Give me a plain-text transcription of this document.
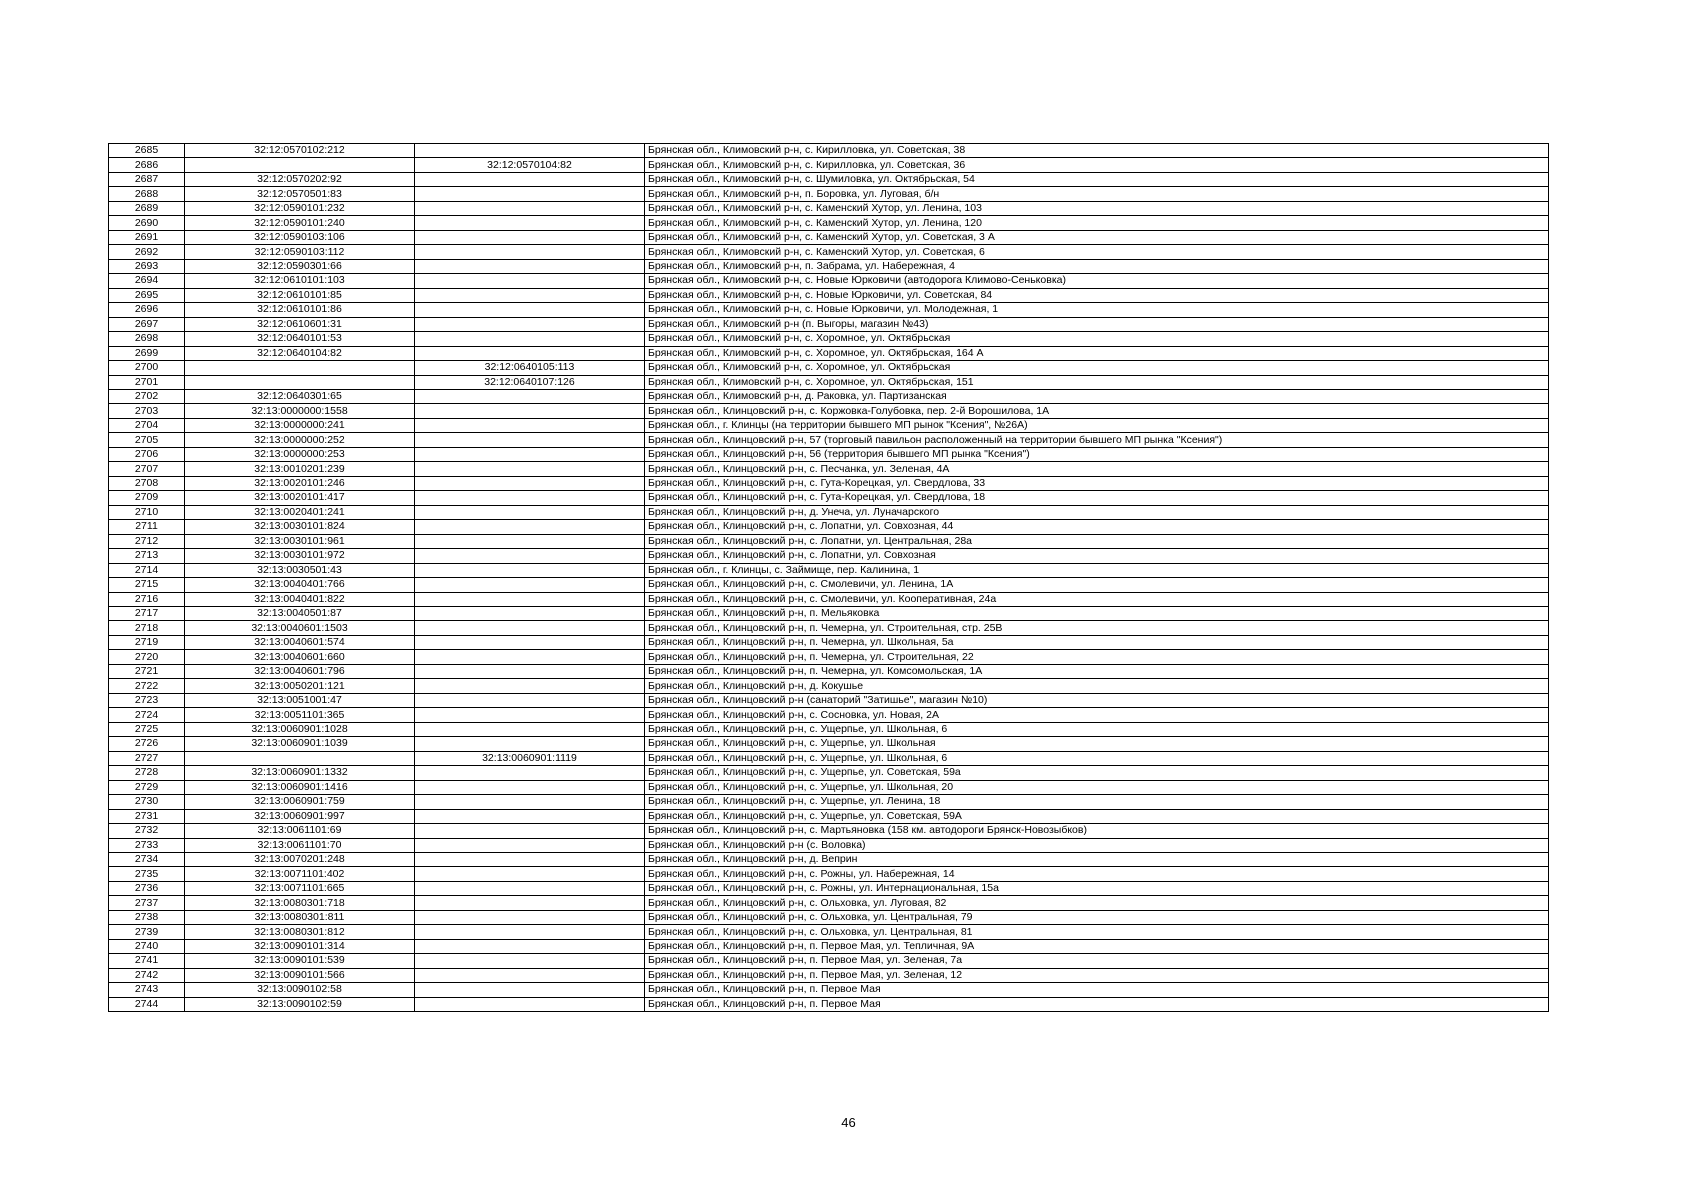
2685	32:12:0570102:212		Брянская обл., Климовский р-н, с. Кирилловка, ул. Советская, 38
2686		32:12:0570104:82	Брянская обл., Климовский р-н, с. Кирилловка, ул. Советская, 36
2687	32:12:0570202:92		Брянская обл., Климовский р-н, с. Шумиловка, ул. Октябрьская, 54
2688	32:12:0570501:83		Брянская обл., Климовский р-н, п. Боровка, ул. Луговая, б/н
2689	32:12:0590101:232		Брянская обл., Климовский р-н, с. Каменский Хутор, ул. Ленина, 103
2690	32:12:0590101:240		Брянская обл., Климовский р-н, с. Каменский Хутор, ул. Ленина, 120
2691	32:12:0590103:106		Брянская обл., Климовский р-н, с. Каменский Хутор, ул. Советская, 3 А
2692	32:12:0590103:112		Брянская обл., Климовский р-н, с. Каменский Хутор, ул. Советская, 6
2693	32:12:0590301:66		Брянская обл., Климовский р-н, п. Забрама, ул. Набережная, 4
2694	32:12:0610101:103		Брянская обл., Климовский р-н, с. Новые Юрковичи (автодорога Климово-Сеньковка)
2695	32:12:0610101:85		Брянская обл., Климовский р-н, с. Новые Юрковичи, ул. Советская, 84
2696	32:12:0610101:86		Брянская обл., Климовский р-н, с. Новые Юрковичи, ул. Молодежная, 1
2697	32:12:0610601:31		Брянская обл., Климовский р-н (п. Выгоры, магазин №43)
2698	32:12:0640101:53		Брянская обл., Климовский р-н, с. Хоромное, ул. Октябрьская
2699	32:12:0640104:82		Брянская обл., Климовский р-н, с. Хоромное, ул. Октябрьская, 164 А
2700		32:12:0640105:113	Брянская обл., Климовский р-н, с. Хоромное, ул. Октябрьская
2701		32:12:0640107:126	Брянская обл., Климовский р-н, с. Хоромное, ул. Октябрьская, 151
2702	32:12:0640301:65		Брянская обл., Климовский р-н, д. Раковка, ул. Партизанская
2703	32:13:0000000:1558		Брянская обл., Клинцовский р-н, с. Коржовка-Голубовка, пер. 2-й Ворошилова, 1А
2704	32:13:0000000:241		Брянская обл., г. Клинцы (на территории бывшего МП рынок "Ксения", №26А)
2705	32:13:0000000:252		Брянская обл., Клинцовский р-н, 57 (торговый павильон расположенный на территории бывшего МП рынка "Ксения")
2706	32:13:0000000:253		Брянская обл., Клинцовский р-н, 56 (территория бывшего МП рынка "Ксения")
2707	32:13:0010201:239		Брянская обл., Клинцовский р-н, с. Песчанка, ул. Зеленая, 4А
2708	32:13:0020101:246		Брянская обл., Клинцовский р-н, с. Гута-Корецкая, ул. Свердлова, 33
2709	32:13:0020101:417		Брянская обл., Клинцовский р-н, с. Гута-Корецкая, ул. Свердлова, 18
2710	32:13:0020401:241		Брянская обл., Клинцовский р-н, д. Унеча, ул. Луначарского
2711	32:13:0030101:824		Брянская обл., Клинцовский р-н, с. Лопатни, ул. Совхозная, 44
2712	32:13:0030101:961		Брянская обл., Клинцовский р-н, с. Лопатни, ул. Центральная, 28а
2713	32:13:0030101:972		Брянская обл., Клинцовский р-н, с. Лопатни, ул. Совхозная
2714	32:13:0030501:43		Брянская обл., г. Клинцы, с. Займище, пер. Калинина, 1
2715	32:13:0040401:766		Брянская обл., Клинцовский р-н, с. Смолевичи, ул. Ленина, 1А
2716	32:13:0040401:822		Брянская обл., Клинцовский р-н, с. Смолевичи, ул. Кооперативная, 24а
2717	32:13:0040501:87		Брянская обл., Клинцовский р-н, п. Мельяковка
2718	32:13:0040601:1503		Брянская обл., Клинцовский р-н, п. Чемерна, ул. Строительная, стр. 25В
2719	32:13:0040601:574		Брянская обл., Клинцовский р-н, п. Чемерна, ул. Школьная, 5а
2720	32:13:0040601:660		Брянская обл., Клинцовский р-н, п. Чемерна, ул. Строительная, 22
2721	32:13:0040601:796		Брянская обл., Клинцовский р-н, п. Чемерна, ул. Комсомольская, 1А
2722	32:13:0050201:121		Брянская обл., Клинцовский р-н, д. Кокушье
2723	32:13:0051001:47		Брянская обл., Клинцовский р-н (санаторий "Затишье", магазин №10)
2724	32:13:0051101:365		Брянская обл., Клинцовский р-н, с. Сосновка, ул. Новая, 2А
2725	32:13:0060901:1028		Брянская обл., Клинцовский р-н, с. Ущерпье, ул. Школьная, 6
2726	32:13:0060901:1039		Брянская обл., Клинцовский р-н, с. Ущерпье, ул. Школьная
2727		32:13:0060901:1119	Брянская обл., Клинцовский р-н, с. Ущерпье, ул. Школьная, 6
2728	32:13:0060901:1332		Брянская обл., Клинцовский р-н, с. Ущерпье, ул. Советская, 59а
2729	32:13:0060901:1416		Брянская обл., Клинцовский р-н, с. Ущерпье, ул. Школьная, 20
2730	32:13:0060901:759		Брянская обл., Клинцовский р-н, с. Ущерпье, ул. Ленина, 18
2731	32:13:0060901:997		Брянская обл., Клинцовский р-н, с. Ущерпье, ул. Советская, 59А
2732	32:13:0061101:69		Брянская обл., Клинцовский р-н, с. Мартьяновка (158 км. автодороги Брянск-Новозыбков)
2733	32:13:0061101:70		Брянская обл., Клинцовский р-н (с. Воловка)
2734	32:13:0070201:248		Брянская обл., Клинцовский р-н, д. Веприн
2735	32:13:0071101:402		Брянская обл., Клинцовский р-н, с. Рожны, ул. Набережная, 14
2736	32:13:0071101:665		Брянская обл., Клинцовский р-н, с. Рожны, ул. Интернациональная, 15а
2737	32:13:0080301:718		Брянская обл., Клинцовский р-н, с. Ольховка, ул. Луговая, 82
2738	32:13:0080301:811		Брянская обл., Клинцовский р-н, с. Ольховка, ул. Центральная, 79
2739	32:13:0080301:812		Брянская обл., Клинцовский р-н, с. Ольховка, ул. Центральная, 81
2740	32:13:0090101:314		Брянская обл., Клинцовский р-н, п. Первое Мая, ул. Тепличная, 9А
2741	32:13:0090101:539		Брянская обл., Клинцовский р-н, п. Первое Мая, ул. Зеленая, 7а
2742	32:13:0090101:566		Брянская обл., Клинцовский р-н, п. Первое Мая, ул. Зеленая, 12
2743	32:13:0090102:58		Брянская обл., Клинцовский р-н, п. Первое Мая
2744	32:13:0090102:59		Брянская обл., Клинцовский р-н, п. Первое Мая
46
